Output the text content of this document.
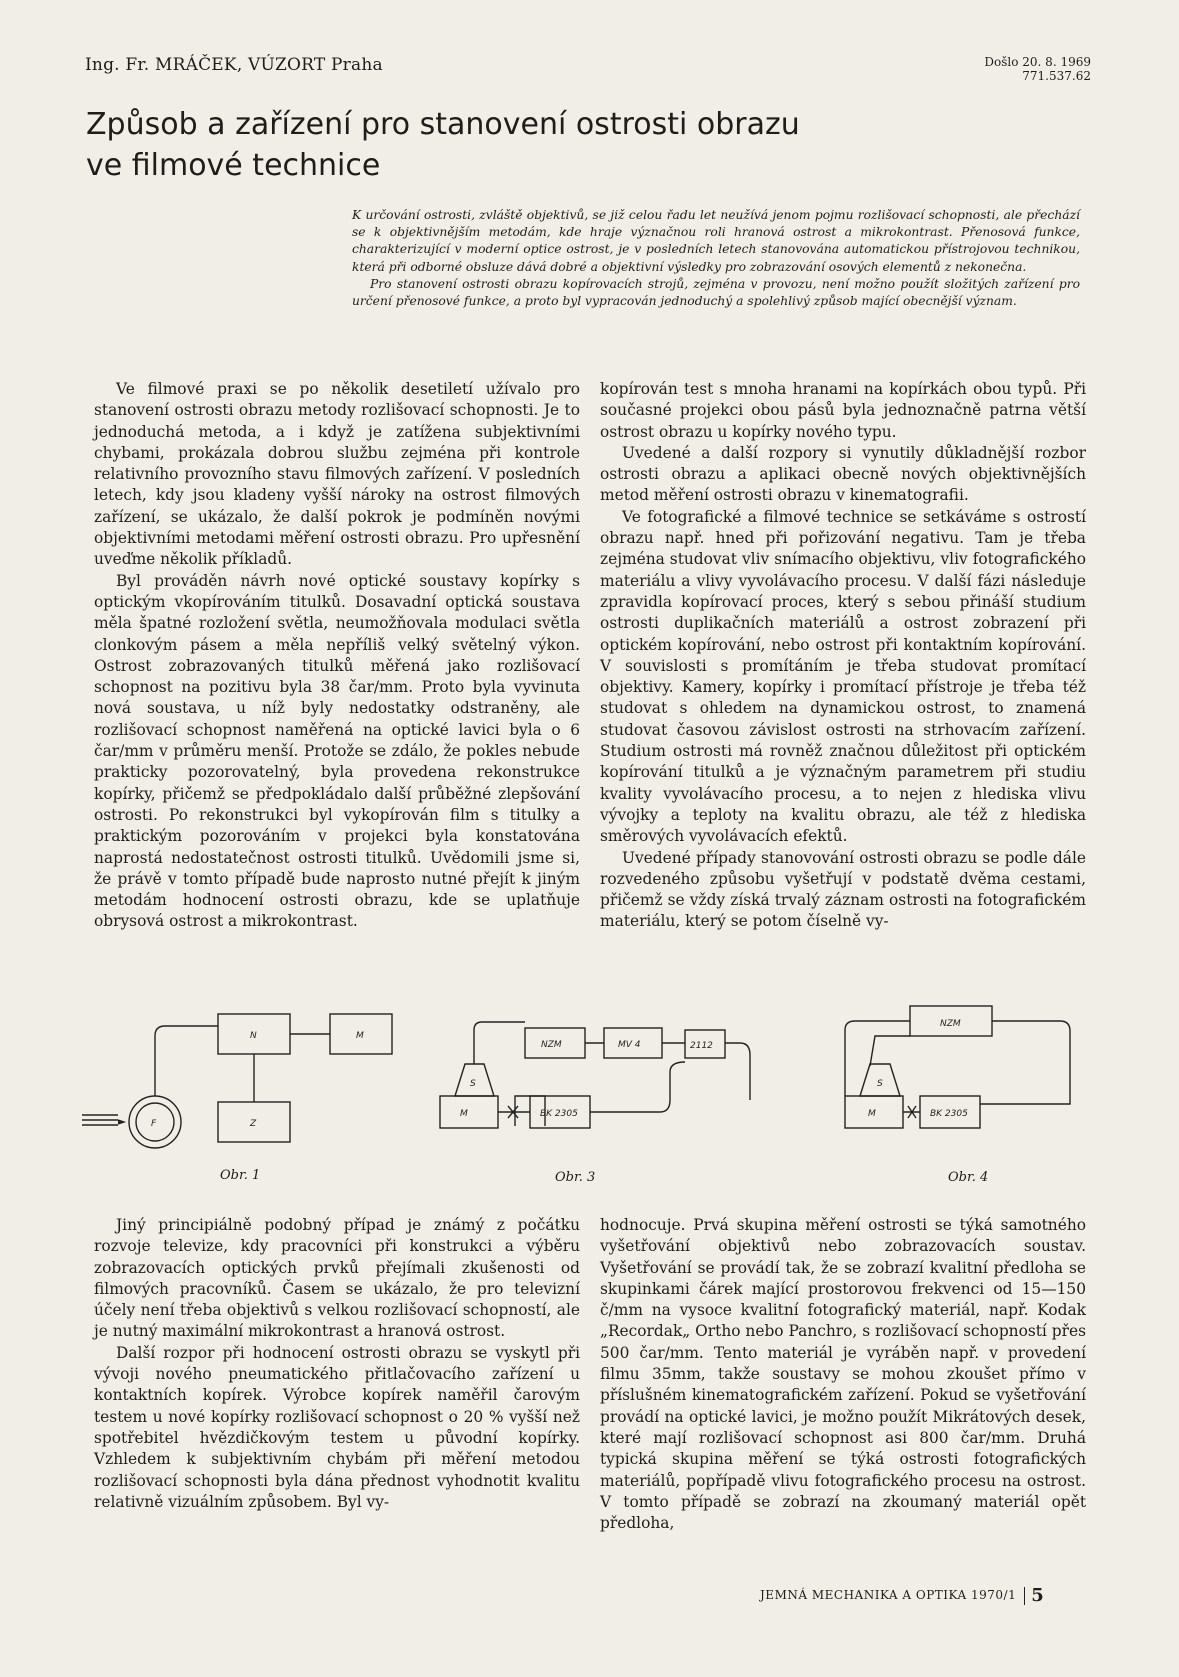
Ing. Fr. MRÁČEK, VÚZORT Praha	Došlo 20. 8. 1969
771.537.62
Způsob a zařízení pro stanovení ostrosti obrazu
ve filmové technice

K určování ostrosti, zvláště objektivů, se již celou řadu let neužívá jenom pojmu rozlišovací schopnosti, ale přechází se k objektivnějším metodám, kde hraje význačnou roli hranová ostrost a mikrokontrast. Přenosová funkce, charakterizující v moderní optice ostrost, je v posledních letech stanovována automatickou přístrojovou technikou, která při odborné obsluze dává dobré a objektivní výsledky pro zobrazování osových elementů z nekonečna.

Pro stanovení ostrosti obrazu kopírovacích strojů, zejména v provozu, není možno použít složitých zařízení pro určení přenosové funkce, a proto byl vypracován jednoduchý a spolehlivý způsob mající obecnější význam.

Ve filmové praxi se po několik desetiletí užívalo pro stanovení ostrosti obrazu metody rozlišovací schopnosti. Je to jednoduchá metoda, a i když je zatížena subjektivními chybami, prokázala dobrou službu zejména při kontrole relativního provozního stavu filmových zařízení. V posledních letech, kdy jsou kladeny vyšší nároky na ostrost filmových zařízení, se ukázalo, že další pokrok je podmíněn novými objektivními metodami měření ostrosti obrazu. Pro upřesnění uveďme několik příkladů.

Byl prováděn návrh nové optické soustavy kopírky s optickým vkopírováním titulků. Dosavadní optická soustava měla špatné rozložení světla, neumožňovala modulaci světla clonkovým pásem a měla nepříliš velký světelný výkon. Ostrost zobrazovaných titulků měřená jako rozlišovací schopnost na pozitivu byla 38 čar/mm. Proto byla vyvinuta nová soustava, u níž byly nedostatky odstraněny, ale rozlišovací schopnost naměřená na optické lavici byla o 6 čar/mm v průměru menší. Protože se zdálo, že pokles nebude prakticky pozorovatelný, byla provedena rekonstrukce kopírky, přičemž se předpokládalo další průběžné zlepšování ostrosti. Po rekonstrukci byl vykopírován film s titulky a praktickým pozorováním v projekci byla konstatována naprostá nedostatečnost ostrosti titulků. Uvědomili jsme si, že právě v tomto případě bude naprosto nutné přejít k jiným metodám hodnocení ostrosti obrazu, kde se uplatňuje obrysová ostrost a mikrokontrast.

kopírován test s mnoha hranami na kopírkách obou typů. Při současné projekci obou pásů byla jednoznačně patrna větší ostrost obrazu u kopírky nového typu.

Uvedené a další rozpory si vynutily důkladnější rozbor ostrosti obrazu a aplikaci obecně nových objektivnějších metod měření ostrosti obrazu v kinematografii.

Ve fotografické a filmové technice se setkáváme s ostrostí obrazu např. hned při pořizování negativu. Tam je třeba zejména studovat vliv snímacího objektivu, vliv fotografického materiálu a vlivy vyvolávacího procesu. V další fázi následuje zpravidla kopírovací proces, který s sebou přináší studium ostrosti duplikačních materiálů a ostrost zobrazení při optickém kopírování, nebo ostrost při kontaktním kopírování. V souvislosti s promítáním je třeba studovat promítací objektivy. Kamery, kopírky i promítací přístroje je třeba též studovat s ohledem na dynamickou ostrost, to znamená studovat časovou závislost ostrosti na strhovacím zařízení. Studium ostrosti má rovněž značnou důležitost při optickém kopírování titulků a je význačným parametrem při studiu kvality vyvolávacího procesu, a to nejen z hlediska vlivu vývojky a teploty na kvalitu obrazu, ale též z hlediska směrových vyvolávacích efektů.

Uvedené případy stanovování ostrosti obrazu se podle dále rozvedeného způsobu vyšetřují v podstatě dvěma cestami, přičemž se vždy získá trvalý záznam ostrosti na fotografickém materiálu, který se potom číselně vy-

N	M
Z
F
NZM	MV 4	2112
S
M	BK 2305
NZM
S
M	BK 2305
Obr. 1	Obr. 3	Obr. 4

Jiný principiálně podobný případ je známý z počátku rozvoje televize, kdy pracovníci při konstrukci a výběru zobrazovacích optických prvků přejímali zkušenosti od filmových pracovníků. Časem se ukázalo, že pro televizní účely není třeba objektivů s velkou rozlišovací schopností, ale je nutný maximální mikrokontrast a hranová ostrost.

Další rozpor při hodnocení ostrosti obrazu se vyskytl při vývoji nového pneumatického přitlačovacího zařízení u kontaktních kopírek. Výrobce kopírek naměřil čarovým testem u nové kopírky rozlišovací schopnost o 20 % vyšší než spotřebitel hvězdičkovým testem u původní kopírky. Vzhledem k subjektivním chybám při měření metodou rozlišovací schopnosti byla dána přednost vyhodnotit kvalitu relativně vizuálním způsobem. Byl vy-

hodnocuje. Prvá skupina měření ostrosti se týká samotného vyšetřování objektivů nebo zobrazovacích soustav. Vyšetřování se provádí tak, že se zobrazí kvalitní předloha se skupinkami čárek mající prostorovou frekvenci od 15—150 č/mm na vysoce kvalitní fotografický materiál, např. Kodak „Recordak„ Ortho nebo Panchro, s rozlišovací schopností přes 500 čar/mm. Tento materiál je vyráběn např. v provedení filmu 35mm, takže soustavy se mohou zkoušet přímo v příslušném kinematografickém zařízení. Pokud se vyšetřování provádí na optické lavici, je možno použít Mikrátových desek, které mají rozlišovací schopnost asi 800 čar/mm. Druhá typická skupina měření se týká ostrosti fotografických materiálů, popřípadě vlivu fotografického procesu na ostrost. V tomto případě se zobrazí na zkoumaný materiál opět předloha,

JEMNÁ MECHANIKA A OPTIKA 1970/1 5
